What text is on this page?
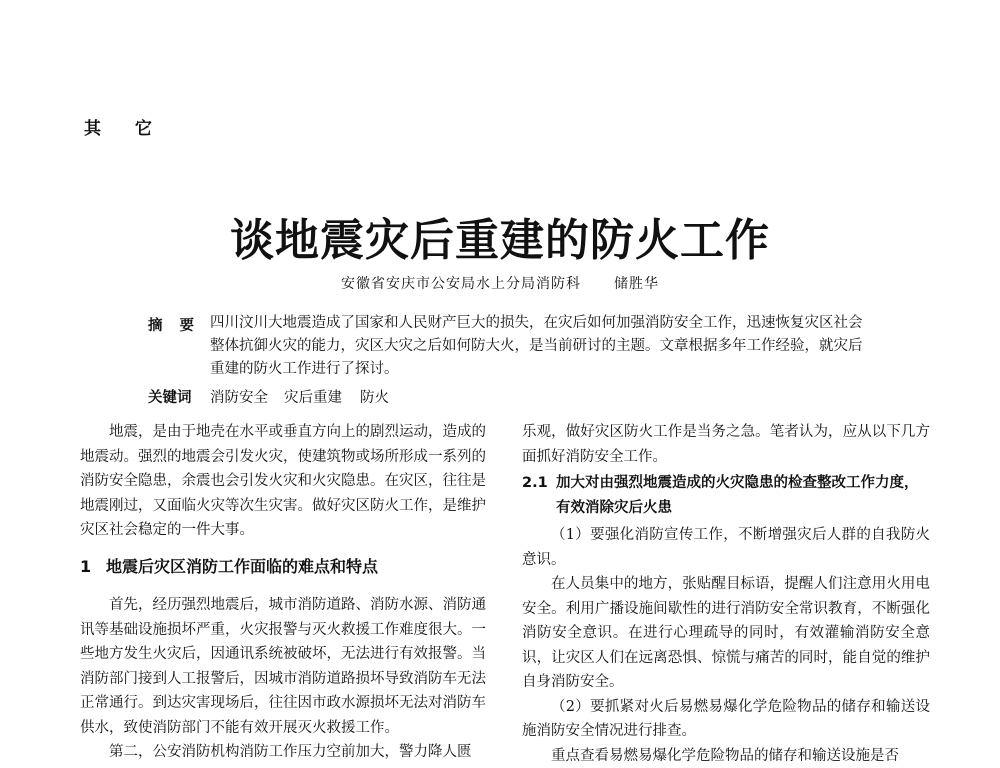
其 它
谈地震灾后重建的防火工作
安徽省安庆市公安局水上分局消防科 储胜华
摘 要 四川汶川大地震造成了国家和人民财产巨大的损失，在灾后如何加强消防安全工作，迅速恢复灾区社会整体抗御火灾的能力，灾区大灾之后如何防大火，是当前研讨的主题。文章根据多年工作经验，就灾后重建的防火工作进行了探讨。
关键词 消防安全 灾后重建 防火

地震，是由于地壳在水平或垂直方向上的剧烈运动，造成的地震动。强烈的地震会引发火灾，使建筑物或场所形成一系列的消防安全隐患，余震也会引发火灾和火灾隐患。在灾区，往往是地震刚过，又面临火灾等次生灾害。做好灾区防火工作，是维护灾区社会稳定的一件大事。

1 地震后灾区消防工作面临的难点和特点

首先，经历强烈地震后，城市消防道路、消防水源、消防通讯等基础设施损坏严重，火灾报警与灭火救援工作难度很大。一些地方发生火灾后，因通讯系统被破坏，无法进行有效报警。当消防部门接到人工报警后，因城市消防道路损坏导致消防车无法正常通行。到达灾害现场后，往往因市政水源损坏无法对消防车供水，致使消防部门不能有效开展灭火救援工作。

第二，公安消防机构消防工作压力空前加大，警力降人匮

乐观，做好灾区防火工作是当务之急。笔者认为，应从以下几方面抓好消防安全工作。

2.1 加大对由强烈地震造成的火灾隐患的检查整改工作力度，有效消除灾后火患

（1）要强化消防宣传工作，不断增强灾后人群的自我防火意识。

在人员集中的地方，张贴醒目标语，提醒人们注意用火用电安全。利用广播设施间歇性的进行消防安全常识教育，不断强化消防安全意识。在进行心理疏导的同时，有效灌输消防安全意识，让灾区人们在远离恐惧、惊慌与痛苦的同时，能自觉的维护自身消防安全。

（2）要抓紧对火后易燃易爆化学危险物品的储存和输送设施消防安全情况进行排查。

重点查看易燃易爆化学危险物品的储存和输送设施是否
